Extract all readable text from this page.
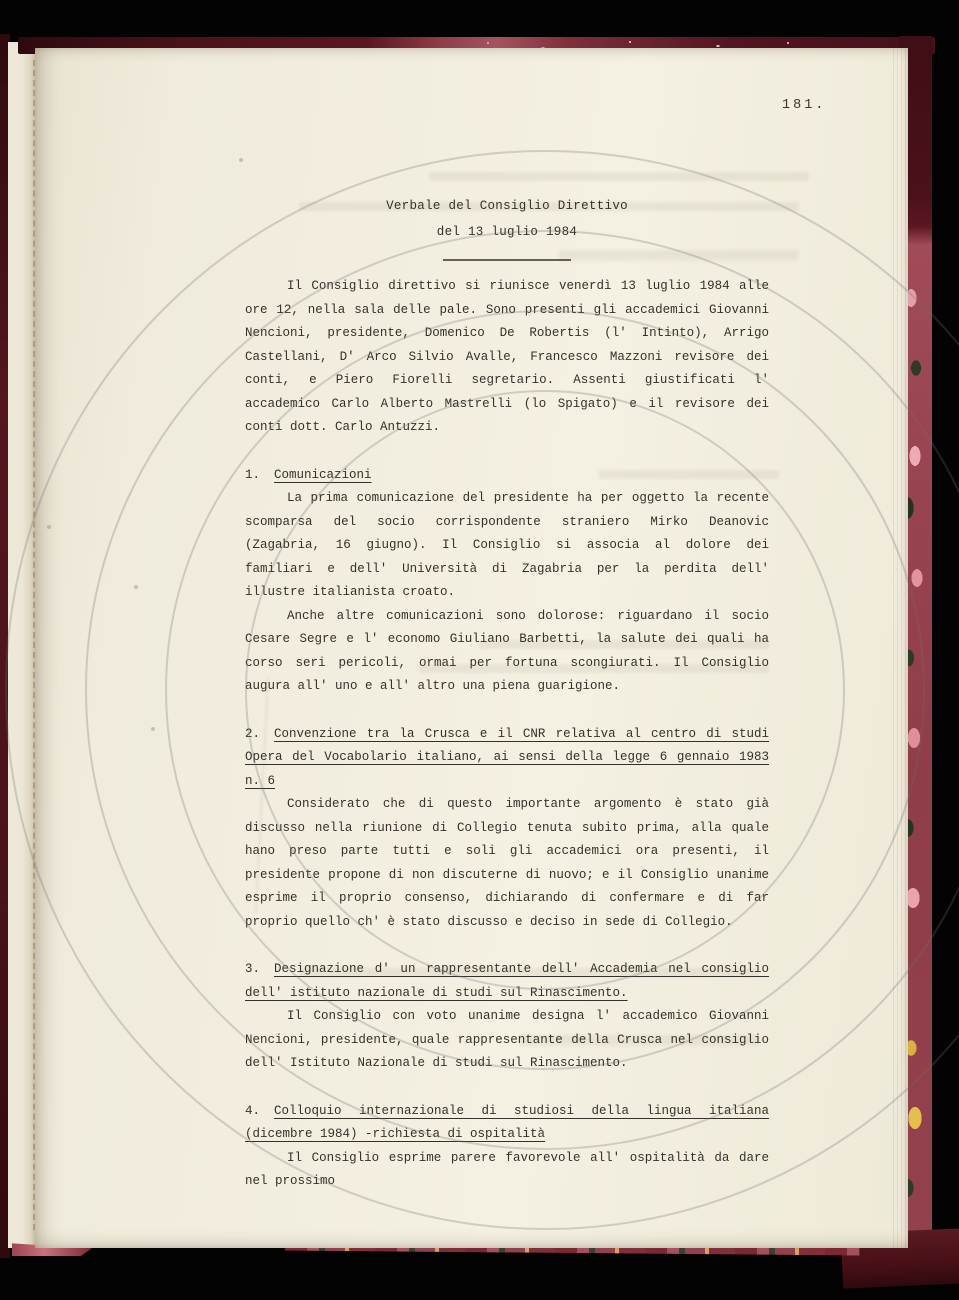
181.
Verbale del Consiglio Direttivo
del 13 luglio 1984

Il Consiglio direttivo si riunisce venerdì 13 luglio 1984 alle ore 12, nella sala delle pale. Sono presenti gli accademici Giovanni Nencioni, presidente, Domenico De Robertis (l' Intinto), Arrigo Castellani, D' Arco Silvio Avalle, Francesco Mazzoni revisore dei conti, e Piero Fiorelli segretario. Assenti giustificati l' accademico Carlo Alberto Mastrelli (lo Spigato) e il revisore dei conti dott. Carlo Antuzzi.

1. Comunicazioni

La prima comunicazione del presidente ha per oggetto la recente scomparsa del socio corrispondente straniero Mirko Deanovic (Zagabria, 16 giugno). Il Consiglio si associa al dolore dei familiari e dell' Università di Zagabria per la perdita dell' illustre italianista croato.

Anche altre comunicazioni sono dolorose: riguardano il socio Cesare Segre e l' economo Giuliano Barbetti, la salute dei quali ha corso seri pericoli, ormai per fortuna scongiurati. Il Consiglio augura all' uno e all' altro una piena guarigione.

2. Convenzione tra la Crusca e il CNR relativa al centro di studi Opera del Vocabolario italiano, ai sensi della legge 6 gennaio 1983 n. 6

Considerato che di questo importante argomento è stato già discusso nella riunione di Collegio tenuta subito prima, alla quale hano preso parte tutti e soli gli accademici ora presenti, il presidente propone di non discuterne di nuovo; e il Consiglio unanime esprime il proprio consenso, dichiarando di confermare e di far proprio quello ch' è stato discusso e deciso in sede di Collegio.

3. Designazione d' un rappresentante dell' Accademia nel consiglio dell' istituto nazionale di studi sul Rinascimento.

Il Consiglio con voto unanime designa l' accademico Giovanni Nencioni, presidente, quale rappresentante della Crusca nel consiglio dell' Istituto Nazionale di studi sul Rinascimento.

4. Colloquio internazionale di studiosi della lingua italiana (dicembre 1984) -richiesta di ospitalità

Il Consiglio esprime parere favorevole all' ospitalità da dare nel prossimo
